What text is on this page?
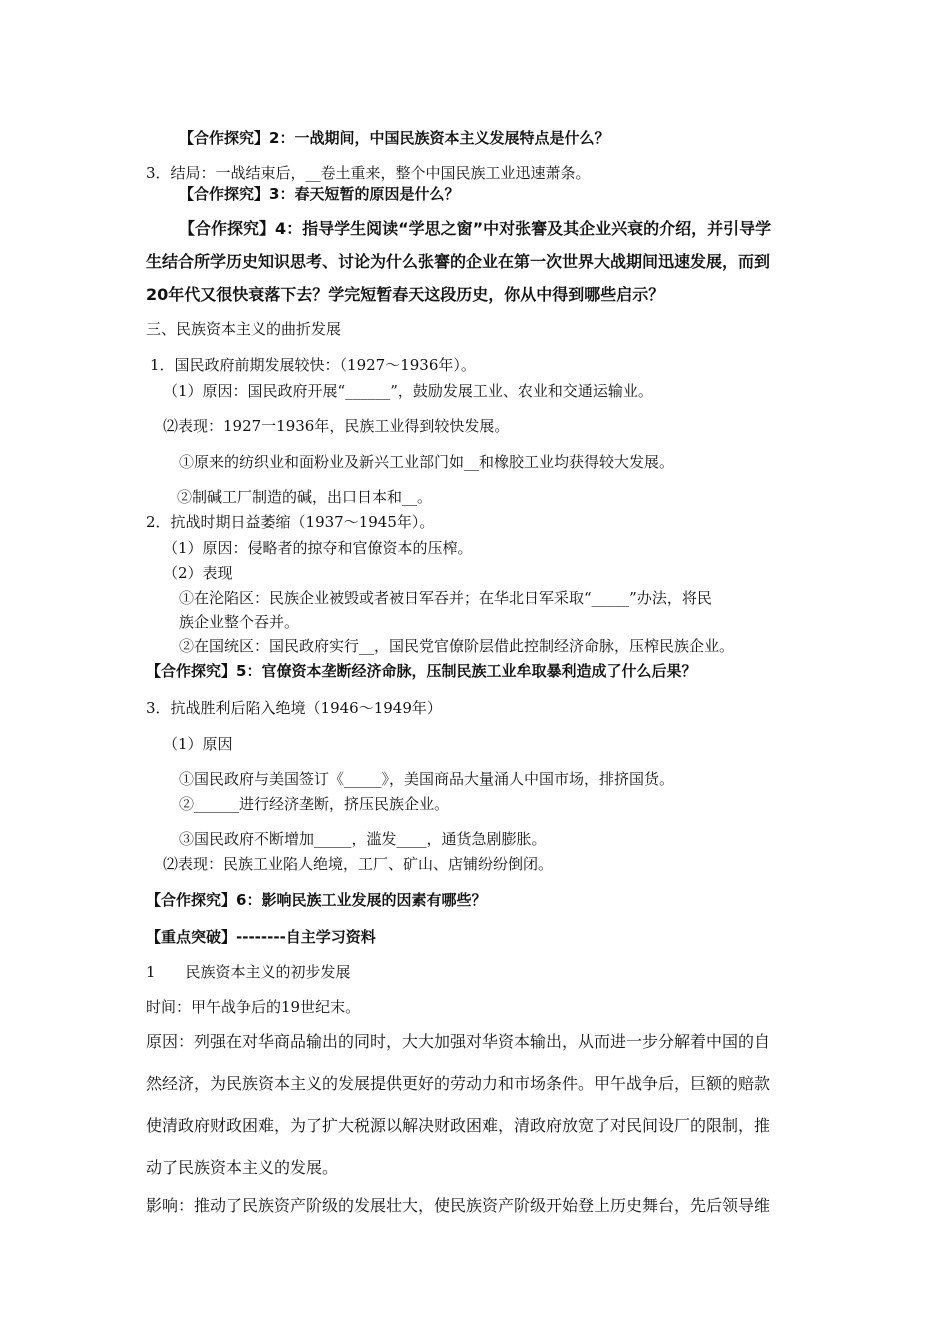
【合作探究】2：一战期间，中国民族资本主义发展特点是什么？
3．结局：一战结束后，__卷土重来，整个中国民族工业迅速萧条。
【合作探究】3：春天短暂的原因是什么？
【合作探究】4：指导学生阅读“学思之窗”中对张謇及其企业兴衰的介绍，并引导学
生结合所学历史知识思考、讨论为什么张謇的企业在第一次世界大战期间迅速发展，而到
20年代又很快衰落下去？学完短暂春天这段历史，你从中得到哪些启示？
三、民族资本主义的曲折发展
1．国民政府前期发展较快：（1927～1936年）。
（1）原因：国民政府开展“______”，鼓励发展工业、农业和交通运输业。
⑵表现：1927一1936年，民族工业得到较快发展。
①原来的纺织业和面粉业及新兴工业部门如__和橡胶工业均获得较大发展。
②制碱工厂制造的碱，出口日本和__。
2．抗战时期日益萎缩（1937～1945年）。
（1）原因：侵略者的掠夺和官僚资本的压榨。
（2）表现
①在沦陷区：民族企业被毁或者被日军吞并；在华北日军采取“_____”办法，将民
族企业整个吞并。
②在国统区：国民政府实行__，国民党官僚阶层借此控制经济命脉，压榨民族企业。
【合作探究】5：官僚资本垄断经济命脉，压制民族工业牟取暴利造成了什么后果？
3．抗战胜利后陷入绝境（1946～1949年）
（1）原因
①国民政府与美国签订《_____》，美国商品大量涌人中国市场，排挤国货。
②______进行经济垄断，挤压民族企业。
③国民政府不断增加_____，滥发____，通货急剧膨胀。
⑵表现：民族工业陷人绝境，工厂、矿山、店铺纷纷倒闭。
【合作探究】6：影响民族工业发展的因素有哪些？
【重点突破】--------自主学习资料
1　　民族资本主义的初步发展
时间：甲午战争后的19世纪末。
原因：列强在对华商品输出的同时，大大加强对华资本输出，从而进一步分解着中国的自
然经济，为民族资本主义的发展提供更好的劳动力和市场条件。甲午战争后，巨额的赔款
使清政府财政困难，为了扩大税源以解决财政困难，清政府放宽了对民间设厂的限制，推
动了民族资本主义的发展。
影响：推动了民族资产阶级的发展壮大，使民族资产阶级开始登上历史舞台，先后领导维
